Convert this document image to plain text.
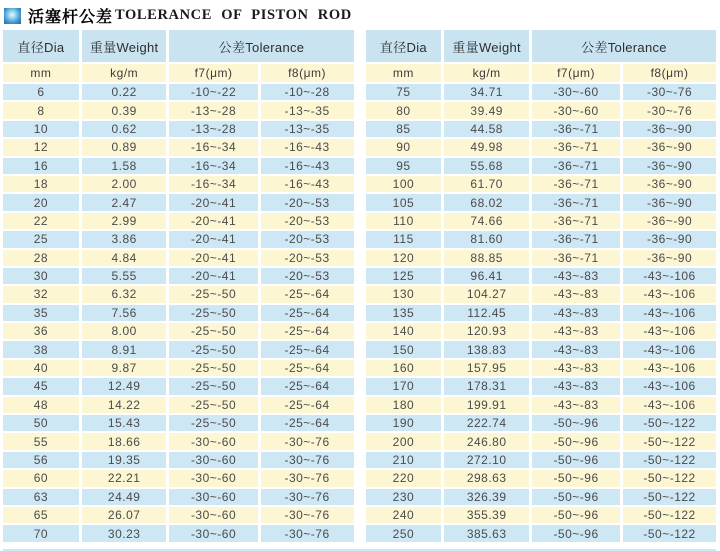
活塞杆公差 TOLERANCE OF PISTON ROD
直径Dia	重量Weight	公差Tolerance	
mm	kg/m	f7(μm)	f8(μm)
6	0.22	-10~-22	-10~-28
8	0.39	-13~-28	-13~-35
10	0.62	-13~-28	-13~-35
12	0.89	-16~-34	-16~-43
16	1.58	-16~-34	-16~-43
18	2.00	-16~-34	-16~-43
20	2.47	-20~-41	-20~-53
22	2.99	-20~-41	-20~-53
25	3.86	-20~-41	-20~-53
28	4.84	-20~-41	-20~-53
30	5.55	-20~-41	-20~-53
32	6.32	-25~-50	-25~-64
35	7.56	-25~-50	-25~-64
36	8.00	-25~-50	-25~-64
38	8.91	-25~-50	-25~-64
40	9.87	-25~-50	-25~-64
45	12.49	-25~-50	-25~-64
48	14.22	-25~-50	-25~-64
50	15.43	-25~-50	-25~-64
55	18.66	-30~-60	-30~-76
56	19.35	-30~-60	-30~-76
60	22.21	-30~-60	-30~-76
63	24.49	-30~-60	-30~-76
65	26.07	-30~-60	-30~-76
70	30.23	-30~-60	-30~-76
直径Dia	重量Weight	公差Tolerance	
mm	kg/m	f7(μm)	f8(μm)
75	34.71	-30~-60	-30~-76
80	39.49	-30~-60	-30~-76
85	44.58	-36~-71	-36~-90
90	49.98	-36~-71	-36~-90
95	55.68	-36~-71	-36~-90
100	61.70	-36~-71	-36~-90
105	68.02	-36~-71	-36~-90
110	74.66	-36~-71	-36~-90
115	81.60	-36~-71	-36~-90
120	88.85	-36~-71	-36~-90
125	96.41	-43~-83	-43~-106
130	104.27	-43~-83	-43~-106
135	112.45	-43~-83	-43~-106
140	120.93	-43~-83	-43~-106
150	138.83	-43~-83	-43~-106
160	157.95	-43~-83	-43~-106
170	178.31	-43~-83	-43~-106
180	199.91	-43~-83	-43~-106
190	222.74	-50~-96	-50~-122
200	246.80	-50~-96	-50~-122
210	272.10	-50~-96	-50~-122
220	298.63	-50~-96	-50~-122
230	326.39	-50~-96	-50~-122
240	355.39	-50~-96	-50~-122
250	385.63	-50~-96	-50~-122
